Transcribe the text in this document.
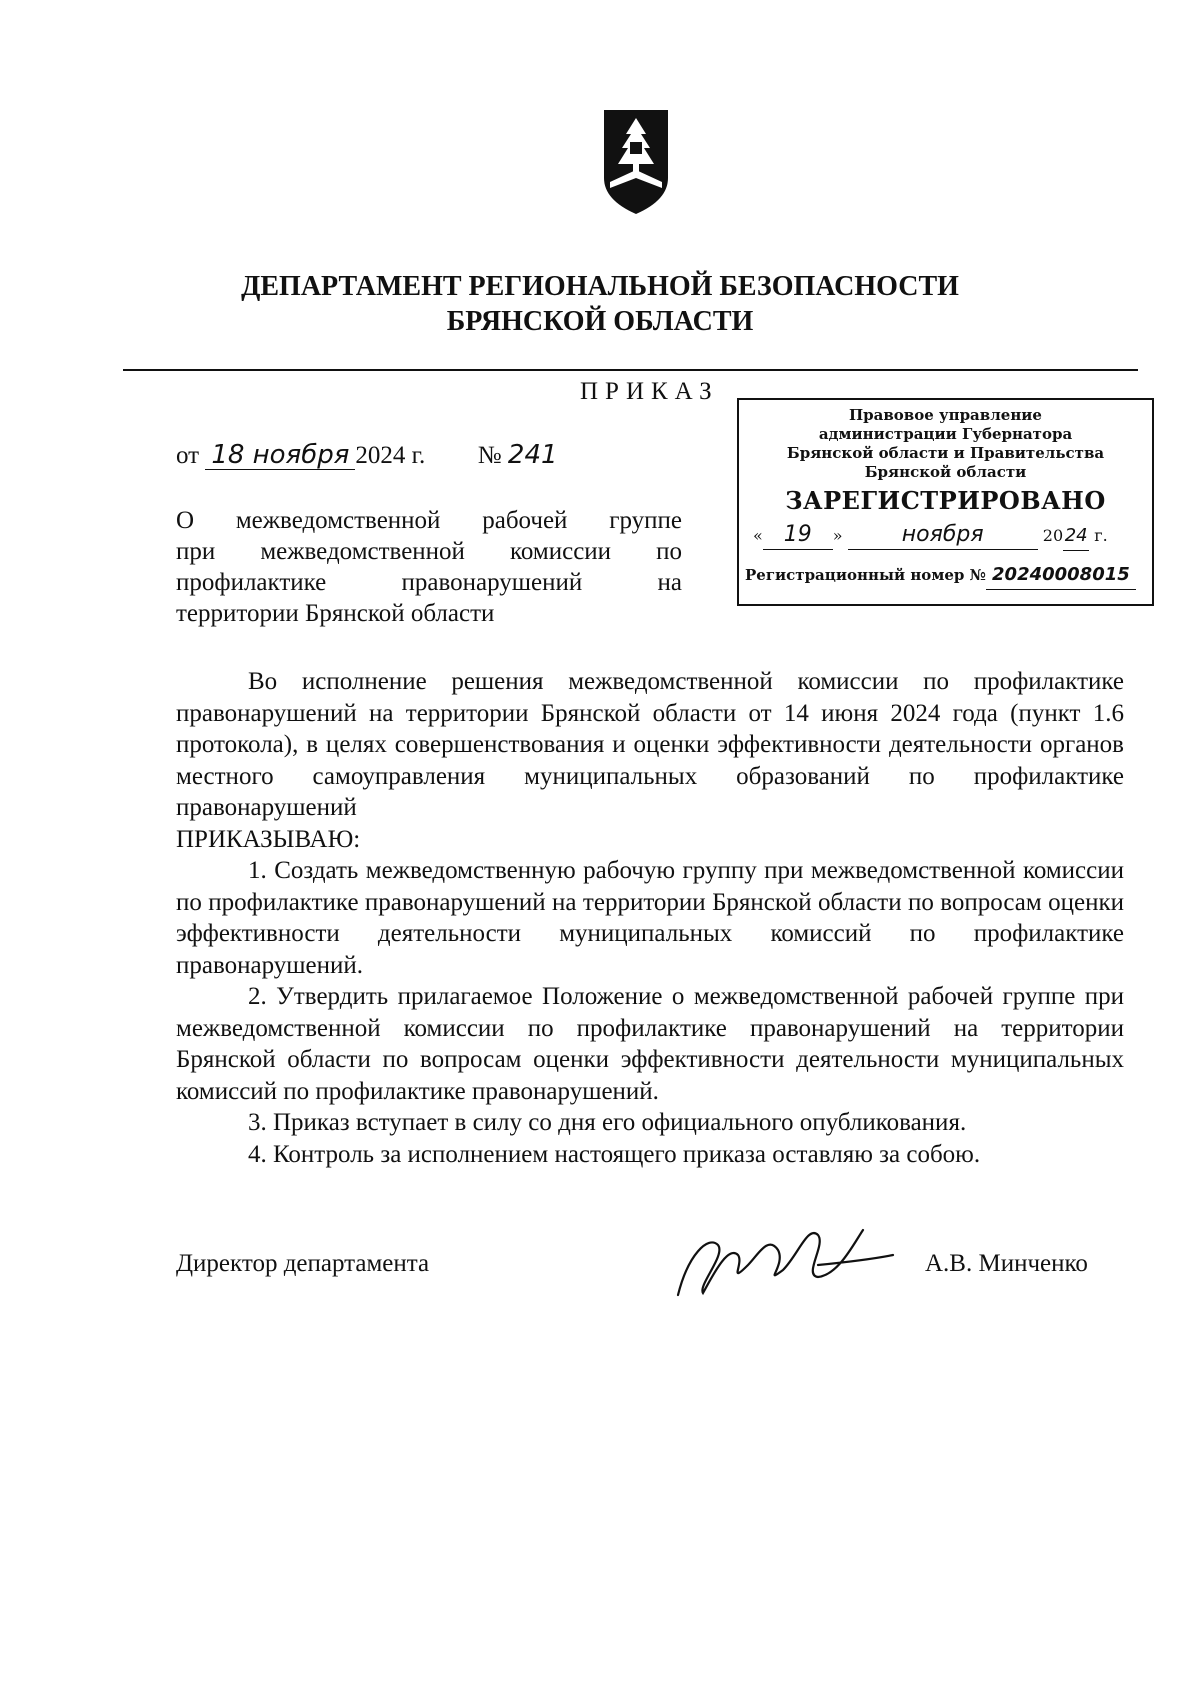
ДЕПАРТАМЕНТ РЕГИОНАЛЬНОЙ БЕЗОПАСНОСТИ
БРЯНСКОЙ ОБЛАСТИ
ПРИКАЗ
от 18 ноября 2024 г. № 241
О межведомственной рабочей группе
при межведомственной комиссии по
профилактике правонарушений на
территории Брянской области
Правовое управление
администрации Губернатора
Брянской области и Правительства
Брянской области
ЗАРЕГИСТРИРОВАНО
« 19 »	ноября	2024 г.
Регистрационный номер № 20240008015

Во исполнение решения межведомственной комиссии по профилактике правонарушений на территории Брянской области от 14 июня 2024 года (пункт 1.6 протокола), в целях совершенствования и оценки эффективности деятельности органов местного самоуправления муниципальных образований по профилактике правонарушений

ПРИКАЗЫВАЮ:

1. Создать межведомственную рабочую группу при межведомственной комиссии по профилактике правонарушений на территории Брянской области по вопросам оценки эффективности деятельности муниципальных комиссий по профилактике правонарушений.

2. Утвердить прилагаемое Положение о межведомственной рабочей группе при межведомственной комиссии по профилактике правонарушений на территории Брянской области по вопросам оценки эффективности деятельности муниципальных комиссий по профилактике правонарушений.

3. Приказ вступает в силу со дня его официального опубликования.

4. Контроль за исполнением настоящего приказа оставляю за собою.

Директор департамента	А.В. Минченко
